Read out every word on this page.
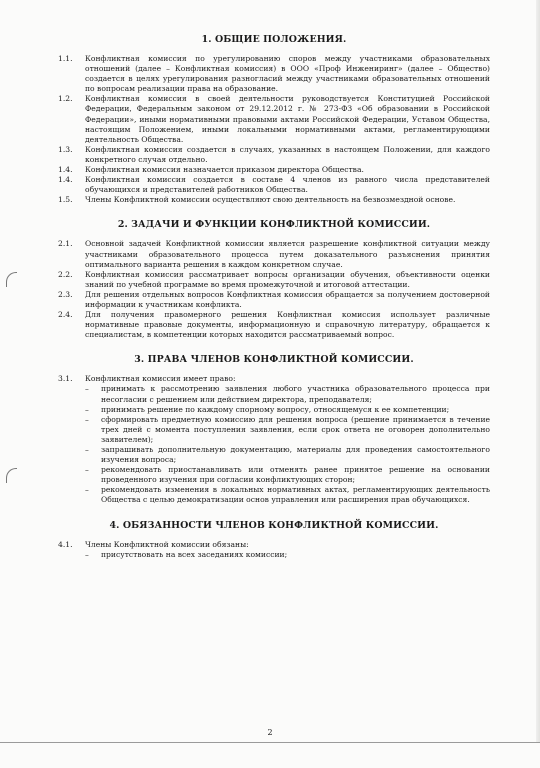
1. ОБЩИЕ ПОЛОЖЕНИЯ.
1.1.	Конфликтная комиссия по урегулированию споров между участниками образовательных отношений (далее – Конфликтная комиссия) в ООО «Проф Инжениринг» (далее – Общество) создается в целях урегулирования разногласий между участниками образовательных отношений по вопросам реализации права на образование.
1.2.	Конфликтная комиссия в своей деятельности руководствуется Конституцией Российской Федерации, Федеральным законом от 29.12.2012 г. № 273-ФЗ «Об образовании в Российской Федерации», иными нормативными правовыми актами Российской Федерации, Уставом Общества, настоящим Положением, иными локальными нормативными актами, регламентирующими деятельность Общества.
1.3.	Конфликтная комиссия создается в случаях, указанных в настоящем Положении, для каждого конкретного случая отдельно.
1.4.	Конфликтная комиссия назначается приказом директора Общества.
1.4.	Конфликтная комиссия создается в составе 4 членов из равного числа представителей обучающихся и представителей работников Общества.
1.5.	Члены Конфликтной комиссии осуществляют свою деятельность на безвозмездной основе.
2. ЗАДАЧИ И ФУНКЦИИ КОНФЛИКТНОЙ КОМИССИИ.
2.1.	Основной задачей Конфликтной комиссии является разрешение конфликтной ситуации между участниками образовательного процесса путем доказательного разъяснения принятия оптимального варианта решения в каждом конкретном случае.
2.2.	Конфликтная комиссия рассматривает вопросы организации обучения, объективности оценки знаний по учебной программе во время промежуточной и итоговой аттестации.
2.3.	Для решения отдельных вопросов Конфликтная комиссия обращается за получением достоверной информации к участникам конфликта.
2.4.	Для получения правомерного решения Конфликтная комиссия использует различные нормативные правовые документы, информационную и справочную литературу, обращается к специалистам, в компетенции которых находится рассматриваемый вопрос.
3. ПРАВА ЧЛЕНОВ КОНФЛИКТНОЙ КОМИССИИ.
3.1.	Конфликтная комиссия имеет право:
– принимать к рассмотрению заявления любого участника образовательного процесса при несогласии с решением или действием директора, преподавателя;
– принимать решение по каждому спорному вопросу, относящемуся к ее компетенции;
– сформировать предметную комиссию для решения вопроса (решение принимается в течение трех дней с момента поступления заявления, если срок ответа не оговорен дополнительно заявителем);
– запрашивать дополнительную документацию, материалы для проведения самостоятельного изучения вопроса;
– рекомендовать приостанавливать или отменять ранее принятое решение на основании проведенного изучения при согласии конфликтующих сторон;
– рекомендовать изменения в локальных нормативных актах, регламентирующих деятельность Общества с целью демократизации основ управления или расширения прав обучающихся.
4. ОБЯЗАННОСТИ ЧЛЕНОВ КОНФЛИКТНОЙ КОМИССИИ.
4.1.	Члены Конфликтной комиссии обязаны:
– присутствовать на всех заседаниях комиссии;
2
